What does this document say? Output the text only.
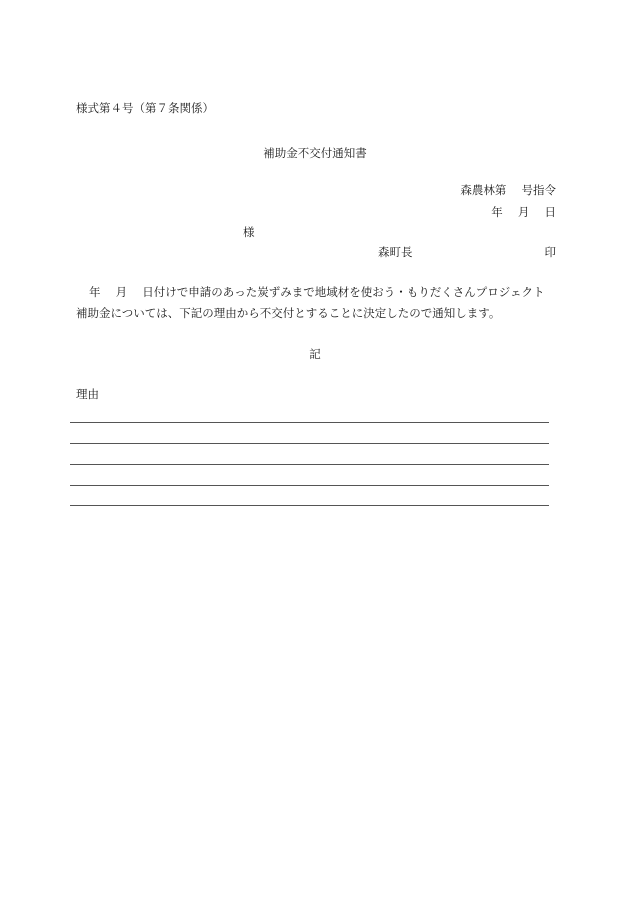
様式第４号（第７条関係）
補助金不交付通知書
森農林第　 号指令
年　 月　 日
様
森町長	印
年　 月　 日付けで申請のあった炭ずみまで地域材を使おう・もりだくさんプロジェクト
補助金については、下記の理由から不交付とすることに決定したので通知します。
記
理由
